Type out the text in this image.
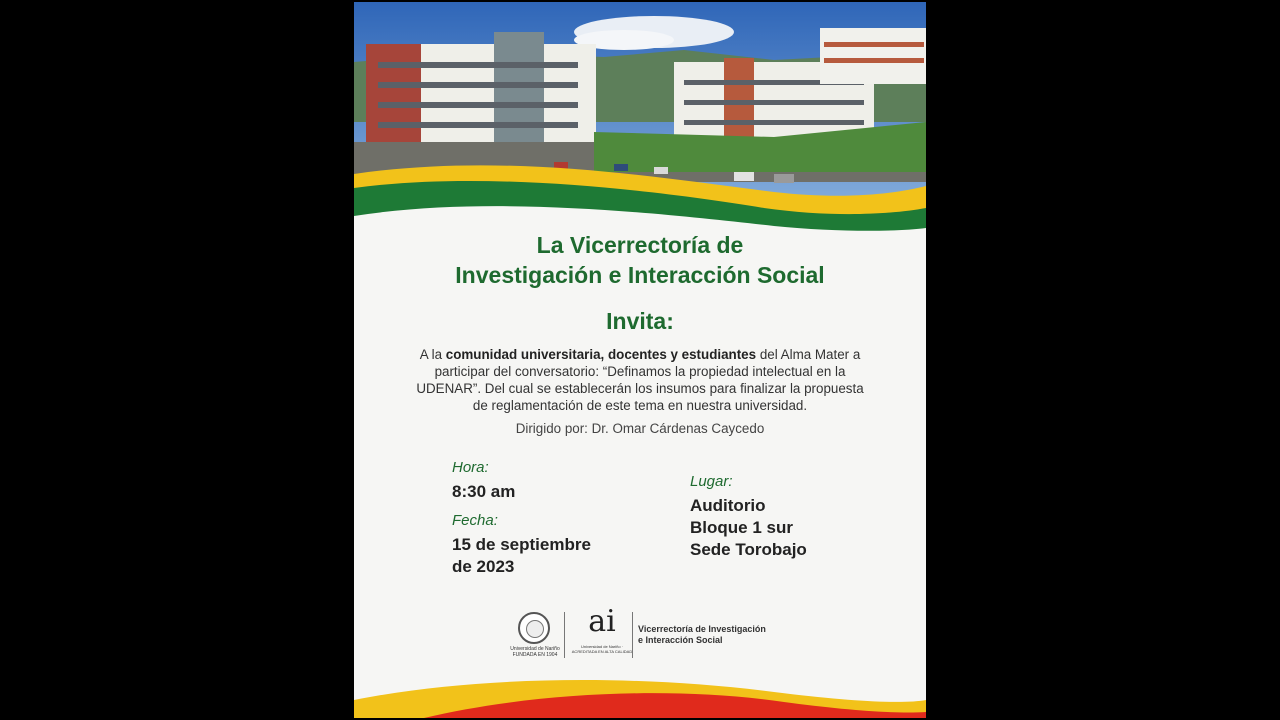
La Vicerrectoría de
Investigación e Interacción Social
Invita:
A la comunidad universitaria, docentes y estudiantes del Alma Mater a participar del conversatorio: “Definamos la propiedad intelectual en la UDENAR”. Del cual se establecerán los insumos para finalizar la propuesta de reglamentación de este tema en nuestra universidad.
Dirigido por: Dr. Omar Cárdenas Caycedo
Hora:
8:30 am
Fecha:
15 de septiembre
de 2023
Lugar:
Auditorio
Bloque 1 sur
Sede Torobajo
Universidad de Nariño
FUNDADA EN 1904
ai
Universidad de Nariño · ACREDITADA EN ALTA CALIDAD
Vicerrectoría de Investigación
e Interacción Social
